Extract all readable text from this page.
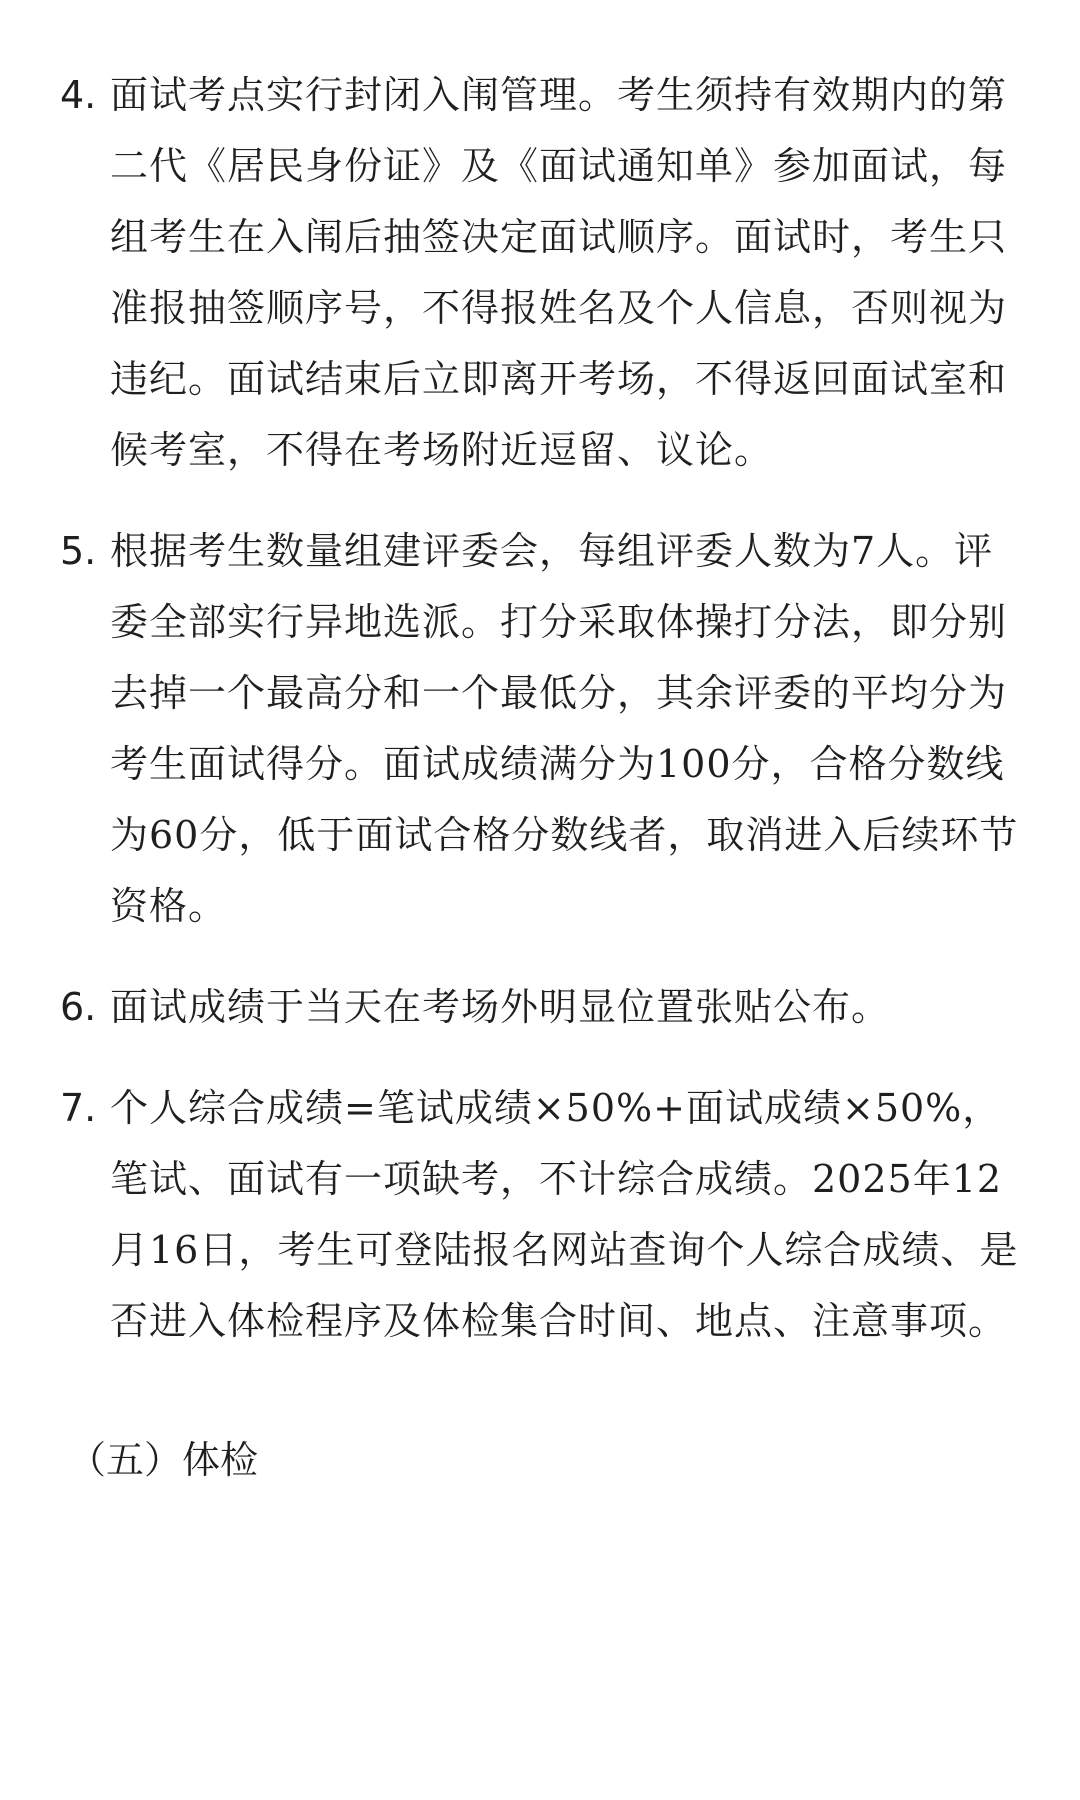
4. 面试考点实行封闭入闱管理。考生须持有效期内的第二代《居民身份证》及《面试通知单》参加面试，每组考生在入闱后抽签决定面试顺序。面试时，考生只准报抽签顺序号，不得报姓名及个人信息，否则视为违纪。面试结束后立即离开考场，不得返回面试室和候考室，不得在考场附近逗留、议论。
5. 根据考生数量组建评委会，每组评委人数为7人。评委全部实行异地选派。打分采取体操打分法，即分别去掉一个最高分和一个最低分，其余评委的平均分为考生面试得分。面试成绩满分为100分，合格分数线为60分，低于面试合格分数线者，取消进入后续环节资格。
6. 面试成绩于当天在考场外明显位置张贴公布。
7. 个人综合成绩=笔试成绩×50%+面试成绩×50%，笔试、面试有一项缺考，不计综合成绩。2025年12月16日，考生可登陆报名网站查询个人综合成绩、是否进入体检程序及体检集合时间、地点、注意事项。
（五）体检
